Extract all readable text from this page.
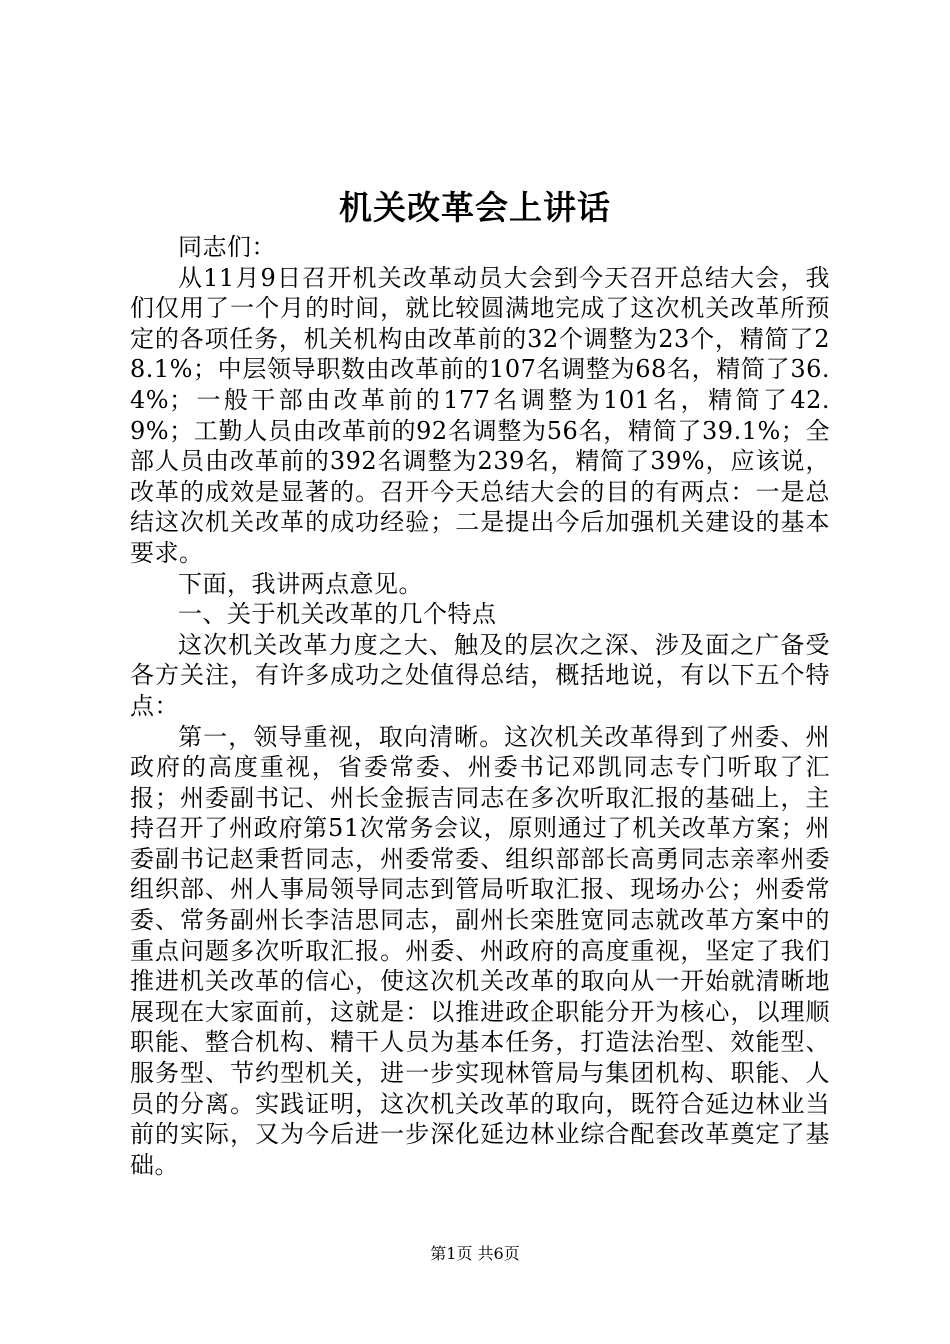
机关改革会上讲话

同志们：

从11月9日召开机关改革动员大会到今天召开总结大会，我们仅用了一个月的时间，就比较圆满地完成了这次机关改革所预定的各项任务，机关机构由改革前的32个调整为23个，精简了28.1%；中层领导职数由改革前的107名调整为68名，精简了36.4%；一般干部由改革前的177名调整为101名，精简了42.9%；工勤人员由改革前的92名调整为56名，精简了39.1%；全部人员由改革前的392名调整为239名，精简了39%，应该说，改革的成效是显著的。召开今天总结大会的目的有两点：一是总结这次机关改革的成功经验；二是提出今后加强机关建设的基本要求。

下面，我讲两点意见。

一、关于机关改革的几个特点

这次机关改革力度之大、触及的层次之深、涉及面之广备受各方关注，有许多成功之处值得总结，概括地说，有以下五个特点：

第一，领导重视，取向清晰。这次机关改革得到了州委、州政府的高度重视，省委常委、州委书记邓凯同志专门听取了汇报；州委副书记、州长金振吉同志在多次听取汇报的基础上，主持召开了州政府第51次常务会议，原则通过了机关改革方案；州委副书记赵秉哲同志，州委常委、组织部部长高勇同志亲率州委组织部、州人事局领导同志到管局听取汇报、现场办公；州委常委、常务副州长李洁思同志，副州长栾胜宽同志就改革方案中的重点问题多次听取汇报。州委、州政府的高度重视，坚定了我们推进机关改革的信心，使这次机关改革的取向从一开始就清晰地展现在大家面前，这就是：以推进政企职能分开为核心，以理顺职能、整合机构、精干人员为基本任务，打造法治型、效能型、服务型、节约型机关，进一步实现林管局与集团机构、职能、人员的分离。实践证明，这次机关改革的取向，既符合延边林业当前的实际，又为今后进一步深化延边林业综合配套改革奠定了基础。

第1页 共6页
